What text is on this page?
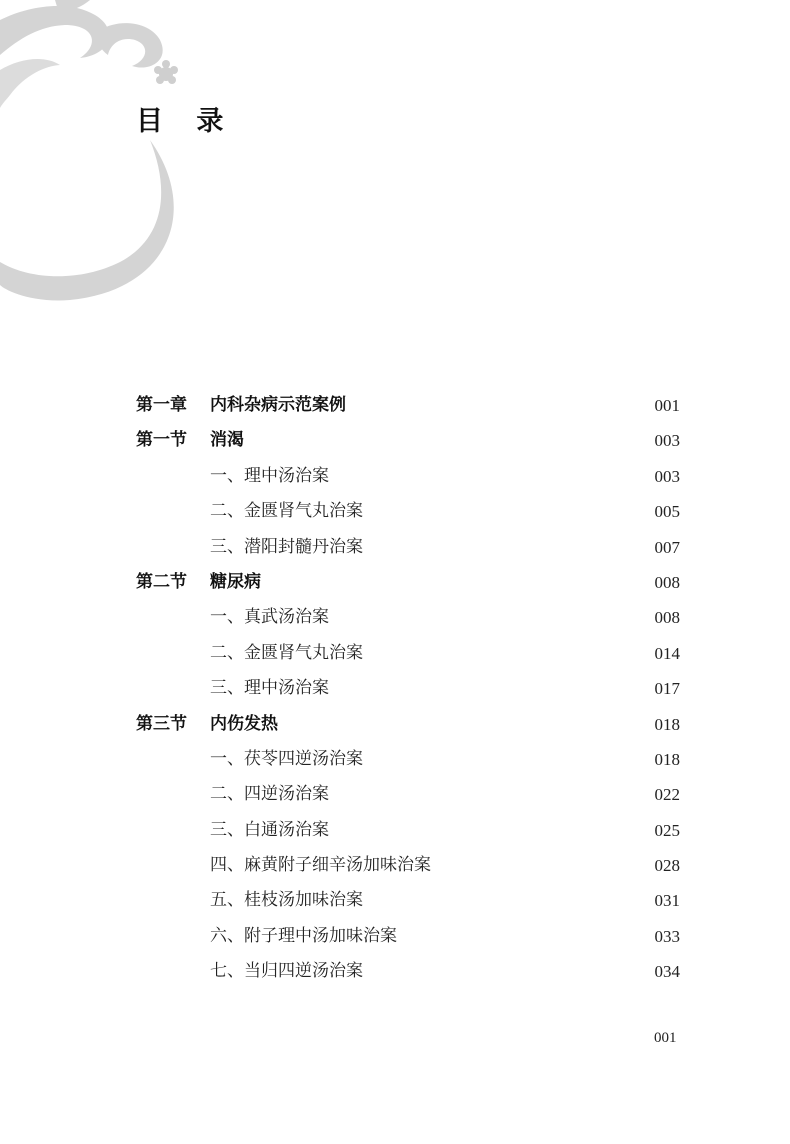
目 录
第一章 内科杂病示范案例	001
第一节 消渴	003
一、理中汤治案	003
二、金匮肾气丸治案	005
三、潜阳封髓丹治案	007
第二节 糖尿病	008
一、真武汤治案	008
二、金匮肾气丸治案	014
三、理中汤治案	017
第三节 内伤发热	018
一、茯苓四逆汤治案	018
二、四逆汤治案	022
三、白通汤治案	025
四、麻黄附子细辛汤加味治案	028
五、桂枝汤加味治案	031
六、附子理中汤加味治案	033
七、当归四逆汤治案	034
001
